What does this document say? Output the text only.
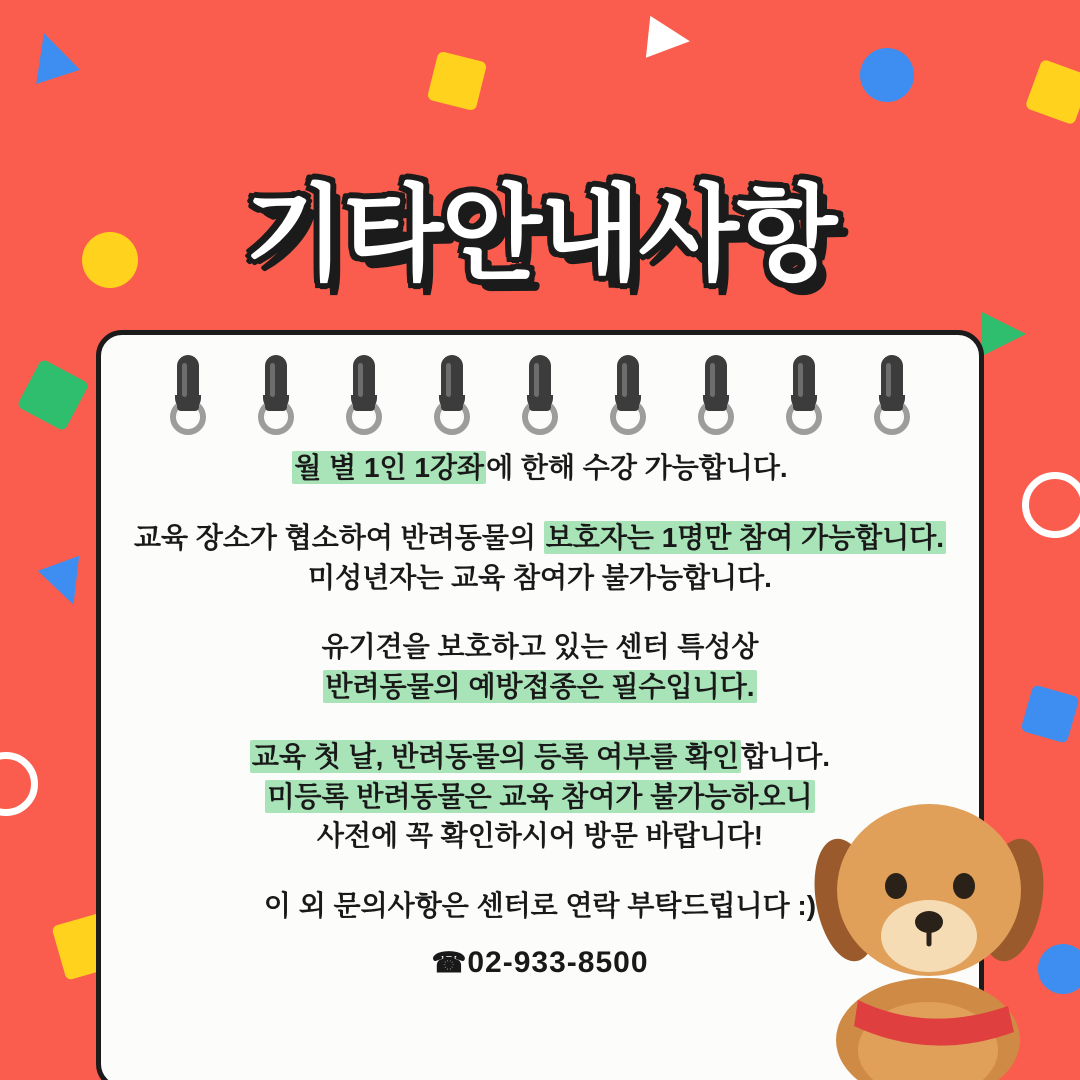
기타안내사항

월 별 1인 1강좌에 한해 수강 가능합니다.

교육 장소가 협소하여 반려동물의 보호자는 1명만 참여 가능합니다.
미성년자는 교육 참여가 불가능합니다.

유기견을 보호하고 있는 센터 특성상
반려동물의 예방접종은 필수입니다.

교육 첫 날, 반려동물의 등록 여부를 확인합니다.
미등록 반려동물은 교육 참여가 불가능하오니
사전에 꼭 확인하시어 방문 바랍니다!

이 외 문의사항은 센터로 연락 부탁드립니다 :)

☎02-933-8500
